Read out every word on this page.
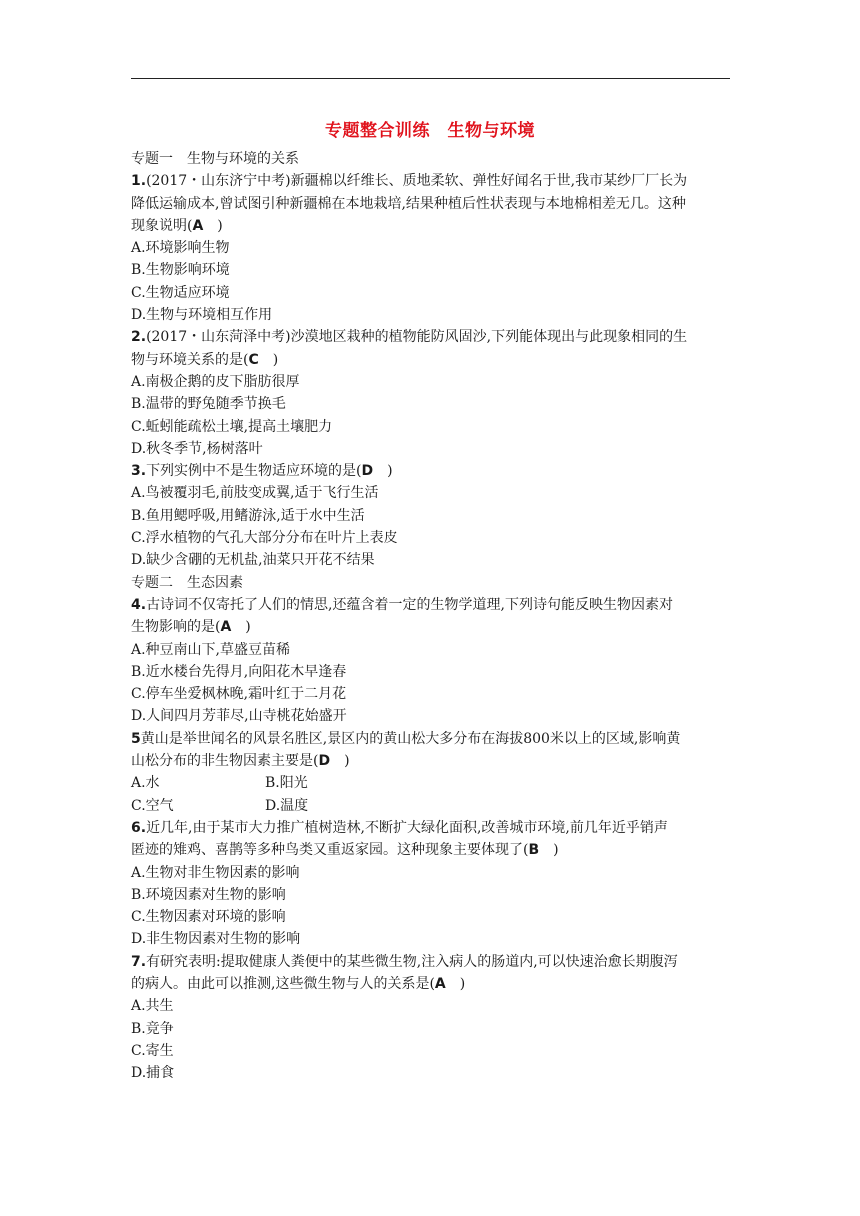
专题整合训练　生物与环境
专题一　生物与环境的关系
1.(2017・山东济宁中考)新疆棉以纤维长、质地柔软、弹性好闻名于世,我市某纱厂厂长为
降低运输成本,曾试图引种新疆棉在本地栽培,结果种植后性状表现与本地棉相差无几。这种
现象说明(A　)
A.环境影响生物
B.生物影响环境
C.生物适应环境
D.生物与环境相互作用
2.(2017・山东菏泽中考)沙漠地区栽种的植物能防风固沙,下列能体现出与此现象相同的生
物与环境关系的是(C　)
A.南极企鹅的皮下脂肪很厚
B.温带的野兔随季节换毛
C.蚯蚓能疏松土壤,提高土壤肥力
D.秋冬季节,杨树落叶
3.下列实例中不是生物适应环境的是(D　)
A.鸟被覆羽毛,前肢变成翼,适于飞行生活
B.鱼用鳃呼吸,用鳍游泳,适于水中生活
C.浮水植物的气孔大部分分布在叶片上表皮
D.缺少含硼的无机盐,油菜只开花不结果
专题二　生态因素
4.古诗词不仅寄托了人们的情思,还蕴含着一定的生物学道理,下列诗句能反映生物因素对
生物影响的是(A　)
A.种豆南山下,草盛豆苗稀
B.近水楼台先得月,向阳花木早逢春
C.停车坐爱枫林晚,霜叶红于二月花
D.人间四月芳菲尽,山寺桃花始盛开
5黄山是举世闻名的风景名胜区,景区内的黄山松大多分布在海拔800米以上的区域,影响黄
山松分布的非生物因素主要是(D　)
A.水	B.阳光
C.空气	D.温度
6.近几年,由于某市大力推广植树造林,不断扩大绿化面积,改善城市环境,前几年近乎销声
匿迹的雉鸡、喜鹊等多种鸟类又重返家园。这种现象主要体现了(B　)
A.生物对非生物因素的影响
B.环境因素对生物的影响
C.生物因素对环境的影响
D.非生物因素对生物的影响
7.有研究表明:提取健康人粪便中的某些微生物,注入病人的肠道内,可以快速治愈长期腹泻
的病人。由此可以推测,这些微生物与人的关系是(A　)
A.共生
B.竞争
C.寄生
D.捕食
